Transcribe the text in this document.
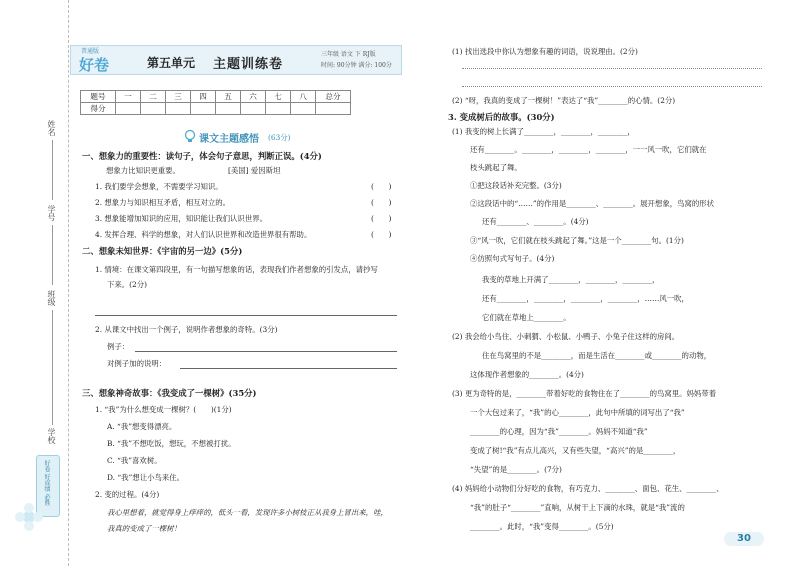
姓名
学号
班级
学校
好卷 好成绩 必胜
普通版
好卷	第五单元 主题训练卷
三年级 语文 下 RJ版
时间: 90分钟 满分: 100分
题号	一	二	三	四	五	六	七	八	总分
得分									
课文主题感悟 (63分)
一、想象力的重要性：读句子，体会句子意思，判断正误。(4分)
想象力比知识更重要。	[美国] 爱因斯坦
1. 我们要学会想象，不需要学习知识。	(　　)
2. 想象力与知识相互矛盾，相互对立的。	(　　)
3. 想象能增加知识的应用，知识能让我们认识世界。	(　　)
4. 发挥合理、科学的想象，对人们认识世界和改造世界很有帮助。	(　　)
二、想象未知世界：《宇宙的另一边》(5分)
1. 情境：在课文第四段里，有一句描写想象的话，表现我们作者想象的引发点，请抄写
下来。(2分)
2. 从课文中找出一个例子，说明作者想象的奇特。(3分)
例子：
对例子加的说明：
三、想象神奇故事：《我变成了一棵树》(35分)
1. “我”为什么想变成一棵树？(　　)(1分)
A. “我”想变得漂亮。
B. “我”不想吃饭，想玩，不想被打扰。
C. “我”喜欢树。
D. “我”想让小鸟来住。
2. 变的过程。(4分)
我心里想着，就觉得身上痒痒的，低头一看，发现许多小树枝正从我身上冒出来，哇，我真的变成了一棵树！
(1) 找出选段中你认为想象有趣的词语，说说理由。(2分)
(2) “呀，我真的变成了一棵树！”表达了“我”________的心情。(2分)
3. 变成树后的故事。(30分)
(1) 我变的树上长满了________，________，________，
还有________。________，________，________，一一风一吹，它们就在
枝头跳起了舞。
①把这段话补充完整。(3分)
②这段话中的“……”的作用是________、________。展开想象，鸟窝的形状
还有________、________。(4分)
③“风一吹，它们就在枝头跳起了舞。”这是一个________句。(1分)
④仿照句式写句子。(4分)
我变的草地上开满了________，________，________，
还有________，________，________，________，……风一吹，
它们就在草地上________。
(2) 我会给小鸟住、小刺猬、小松鼠、小鸭子、小兔子住这样的房间。
住在鸟窝里的不是________，而是生活在________或________的动物，
这体现作者想象的________。(4分)
(3) 更为奇特的是，________带着好吃的食物住在了________的鸟窝里。妈妈带着
一个大包过来了，“我”的心________，此句中所填的词写出了“我”
________的心理，因为“我”________。妈妈不知道“我”
变成了树!“我”有点儿高兴，又有些失望，“高兴”的是________，
“失望”的是________。(7分)
(4) 妈妈给小动物们分好吃的食物，有巧克力、________、面包、花生、________、
“我”的肚子“________”直响，从树干上下滴的水珠，就是“我”流的
________。此时，“我”变得________。(5分)
30
